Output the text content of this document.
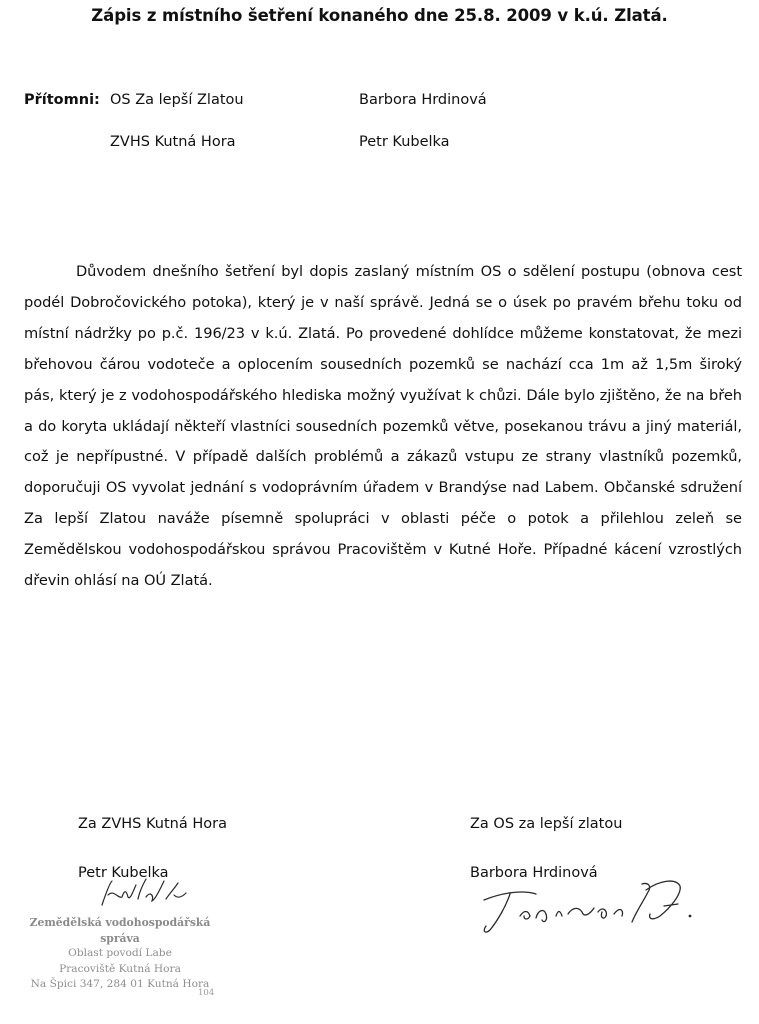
Zápis z místního šetření konaného dne 25.8. 2009 v k.ú. Zlatá.
Přítomni: OS Za lepší Zlatou	Barbora Hrdinová
ZVHS Kutná Hora	Petr Kubelka
Důvodem dnešního šetření byl dopis zaslaný místním OS o sdělení postupu (obnova cest podél Dobročovického potoka), který je v naší správě. Jedná se o úsek po pravém břehu toku od místní nádržky po p.č. 196/23 v k.ú. Zlatá. Po provedené dohlídce můžeme konstatovat, že mezi břehovou čárou vodoteče a oplocením sousedních pozemků se nachází cca 1m až 1,5m široký pás, který je z vodohospodářského hlediska možný využívat k chůzi. Dále bylo zjištěno, že na břeh a do koryta ukládají někteří vlastníci sousedních pozemků větve, posekanou trávu a jiný materiál, což je nepřípustné. V případě dalších problémů a zákazů vstupu ze strany vlastníků pozemků, doporučuji OS vyvolat jednání s vodoprávním úřadem v Brandýse nad Labem. Občanské sdružení Za lepší Zlatou naváže písemně spolupráci v oblasti péče o potok a přilehlou zeleň se Zemědělskou vodohospodářskou správou Pracovištěm v Kutné Hoře. Případné kácení vzrostlých dřevin ohlásí na OÚ Zlatá.
Za ZVHS Kutná Hora
Petr Kubelka
Za OS za lepší zlatou
Barbora Hrdinová
Zemědělská vodohospodářská správa
Oblast povodí Labe
Pracoviště Kutná Hora
Na Špici 347, 284 01 Kutná Hora
104
